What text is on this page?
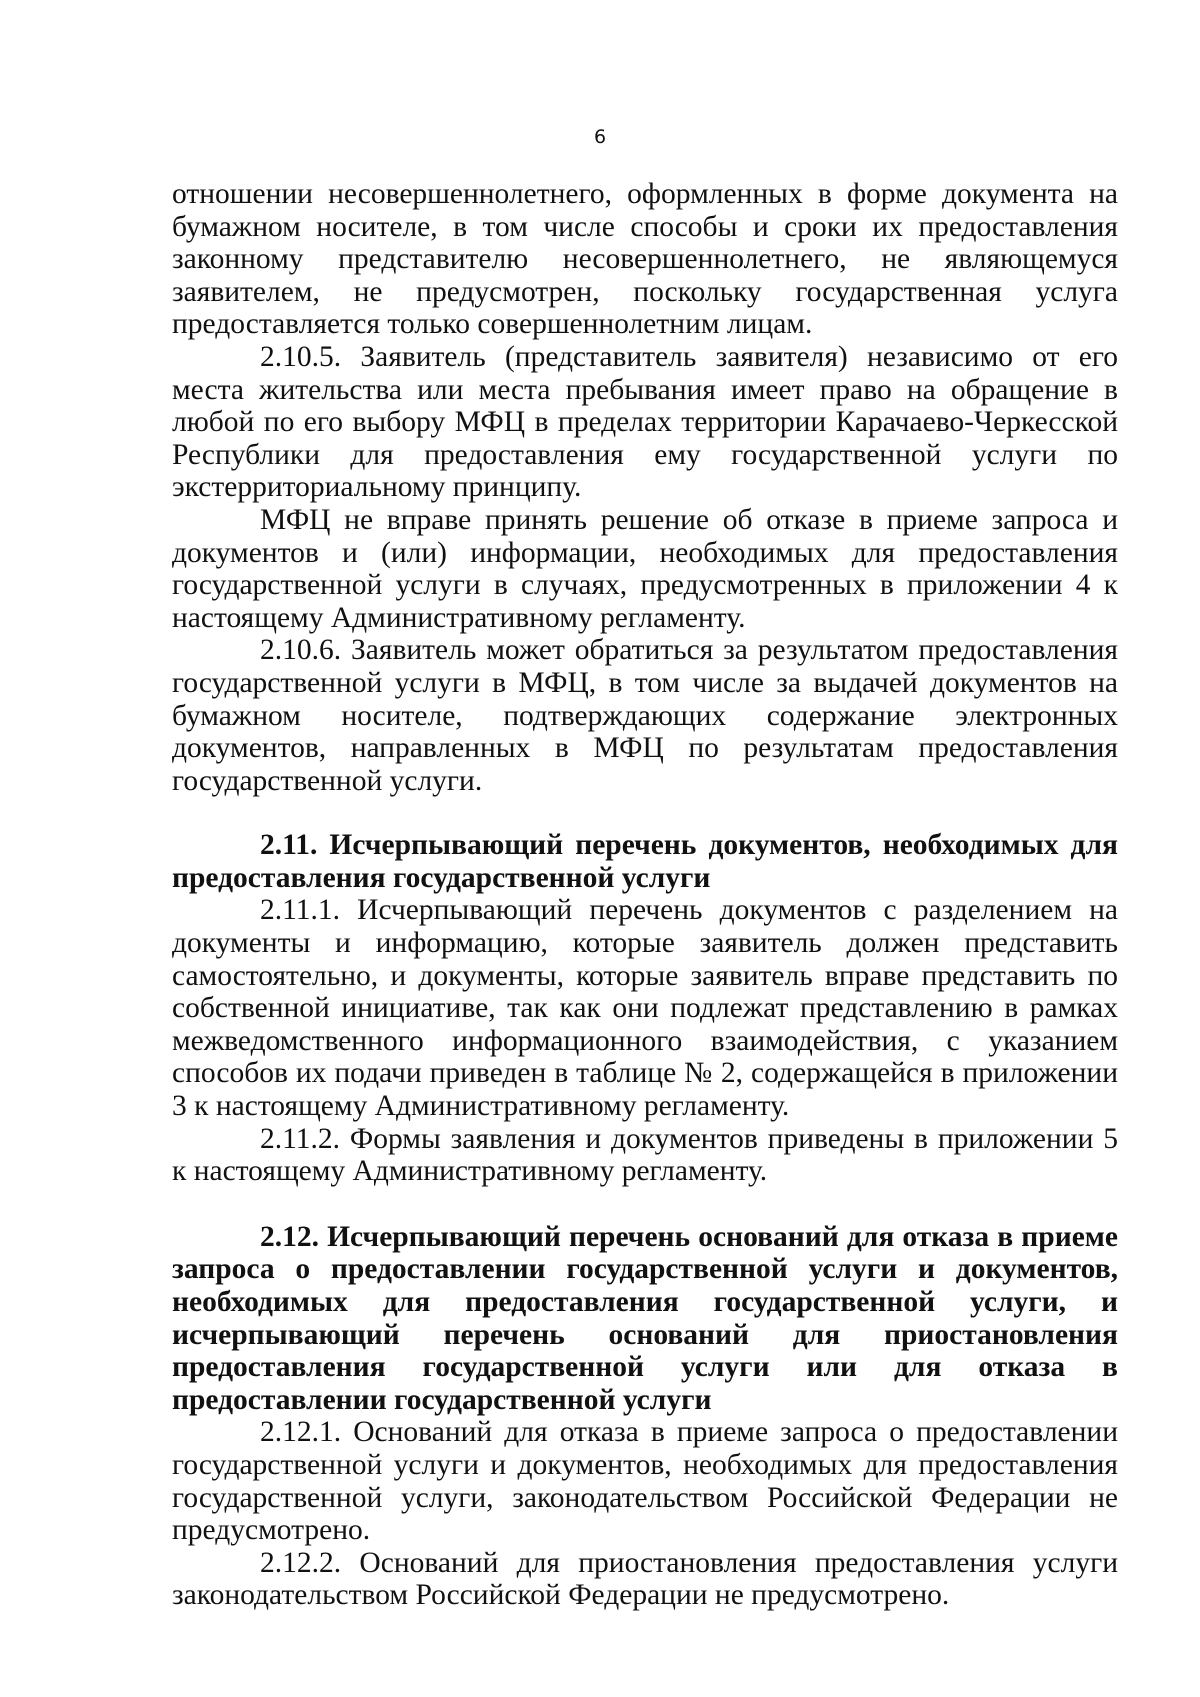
6

отношении несовершеннолетнего, оформленных в форме документа на бумажном носителе, в том числе способы и сроки их предоставления законному представителю несовершеннолетнего, не являющемуся заявителем, не предусмотрен, поскольку государственная услуга предоставляется только совершеннолетним лицам.

2.10.5. Заявитель (представитель заявителя) независимо от его места жительства или места пребывания имеет право на обращение в любой по его выбору МФЦ в пределах территории Карачаево-Черкесской Республики для предоставления ему государственной услуги по экстерриториальному принципу.

МФЦ не вправе принять решение об отказе в приеме запроса и документов и (или) информации, необходимых для предоставления государственной услуги в случаях, предусмотренных в приложении 4 к настоящему Административному регламенту.

2.10.6. Заявитель может обратиться за результатом предоставления государственной услуги в МФЦ, в том числе за выдачей документов на бумажном носителе, подтверждающих содержание электронных документов, направленных в МФЦ по результатам предоставления государственной услуги.

2.11. Исчерпывающий перечень документов, необходимых для предоставления государственной услуги

2.11.1. Исчерпывающий перечень документов с разделением на документы и информацию, которые заявитель должен представить самостоятельно, и документы, которые заявитель вправе представить по собственной инициативе, так как они подлежат представлению в рамках межведомственного информационного взаимодействия, с указанием способов их подачи приведен в таблице № 2, содержащейся в приложении 3 к настоящему Административному регламенту.

2.11.2. Формы заявления и документов приведены в приложении 5 к настоящему Административному регламенту.

2.12. Исчерпывающий перечень оснований для отказа в приеме запроса о предоставлении государственной услуги и документов, необходимых для предоставления государственной услуги, и исчерпывающий перечень оснований для приостановления предоставления государственной услуги или для отказа в предоставлении государственной услуги

2.12.1. Оснований для отказа в приеме запроса о предоставлении государственной услуги и документов, необходимых для предоставления государственной услуги, законодательством Российской Федерации не предусмотрено.

2.12.2. Оснований для приостановления предоставления услуги законодательством Российской Федерации не предусмотрено.
